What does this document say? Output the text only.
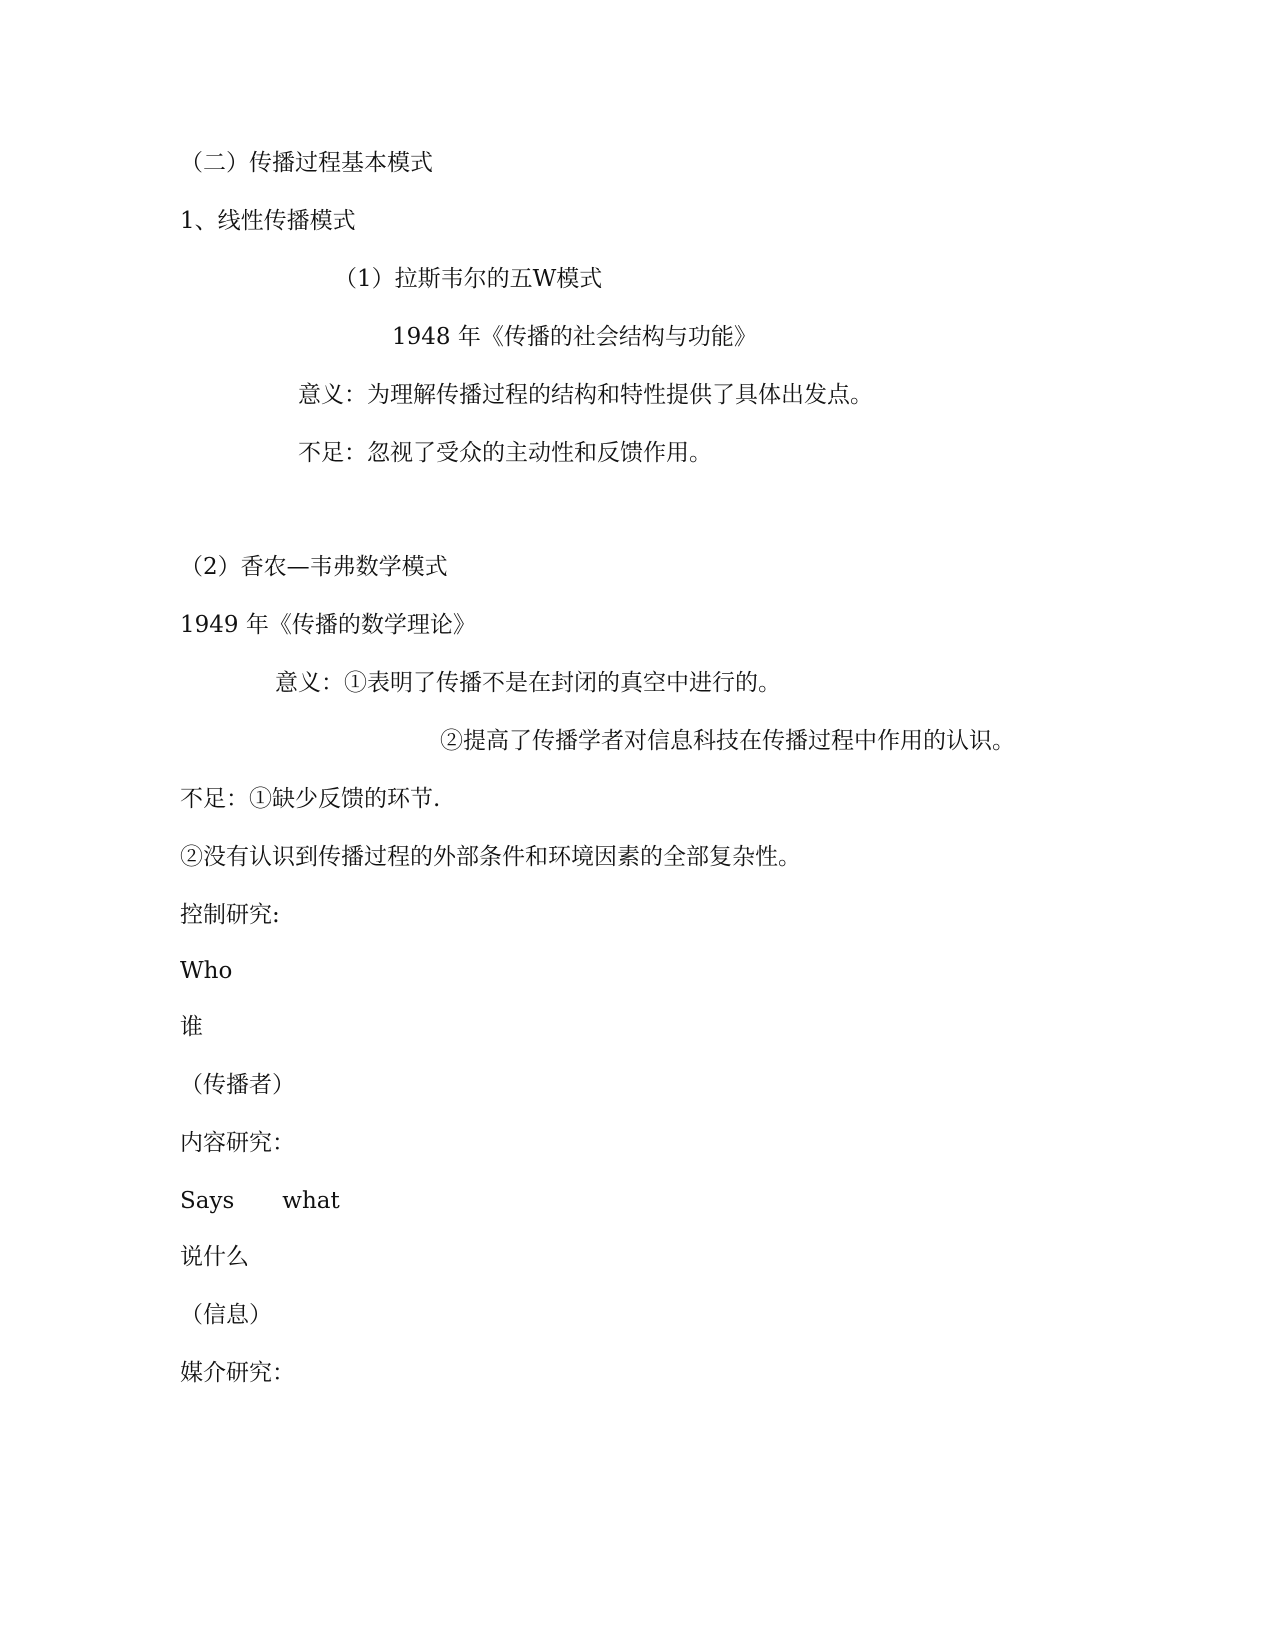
（二）传播过程基本模式
1、线性传播模式
（1）拉斯韦尔的五W模式
1948 年《传播的社会结构与功能》
意义：为理解传播过程的结构和特性提供了具体出发点。
不足：忽视了受众的主动性和反馈作用。
（2）香农—韦弗数学模式
1949 年《传播的数学理论》
意义：①表明了传播不是在封闭的真空中进行的。
②提高了传播学者对信息科技在传播过程中作用的认识。
不足：①缺少反馈的环节.
②没有认识到传播过程的外部条件和环境因素的全部复杂性。
控制研究:
Who
谁
（传播者）
内容研究：
Says what
说什么
（信息）
媒介研究：
